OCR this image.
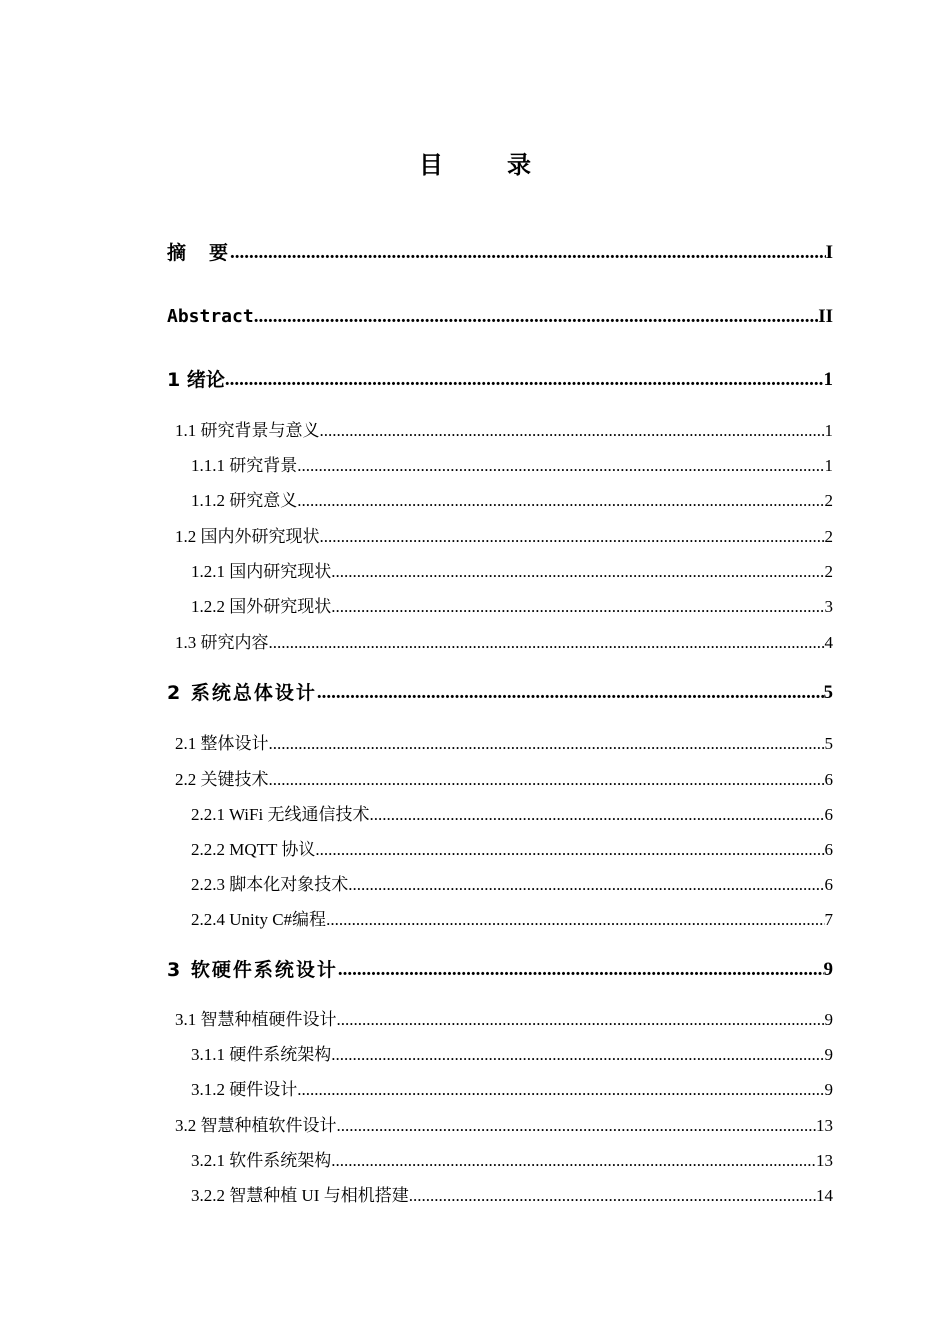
目　录
摘　要 .....	I
Abstract .....	II
1 绪论 .....	1
1.1 研究背景与意义 .....	1
1.1.1 研究背景 .....	1
1.1.2 研究意义 .....	2
1.2 国内外研究现状 .....	2
1.2.1 国内研究现状 .....	2
1.2.2 国外研究现状 .....	3
1.3 研究内容 .....	4
2 系统总体设计 .....	5
2.1 整体设计 .....	5
2.2 关键技术 .....	6
2.2.1 WiFi 无线通信技术 .....	6
2.2.2 MQTT 协议 .....	6
2.2.3 脚本化对象技术 .....	6
2.2.4 Unity C#编程 .....	7
3 软硬件系统设计 .....	9
3.1 智慧种植硬件设计 .....	9
3.1.1 硬件系统架构 .....	9
3.1.2 硬件设计 .....	9
3.2 智慧种植软件设计 .....	13
3.2.1 软件系统架构 .....	13
3.2.2 智慧种植 UI 与相机搭建 .....	14
